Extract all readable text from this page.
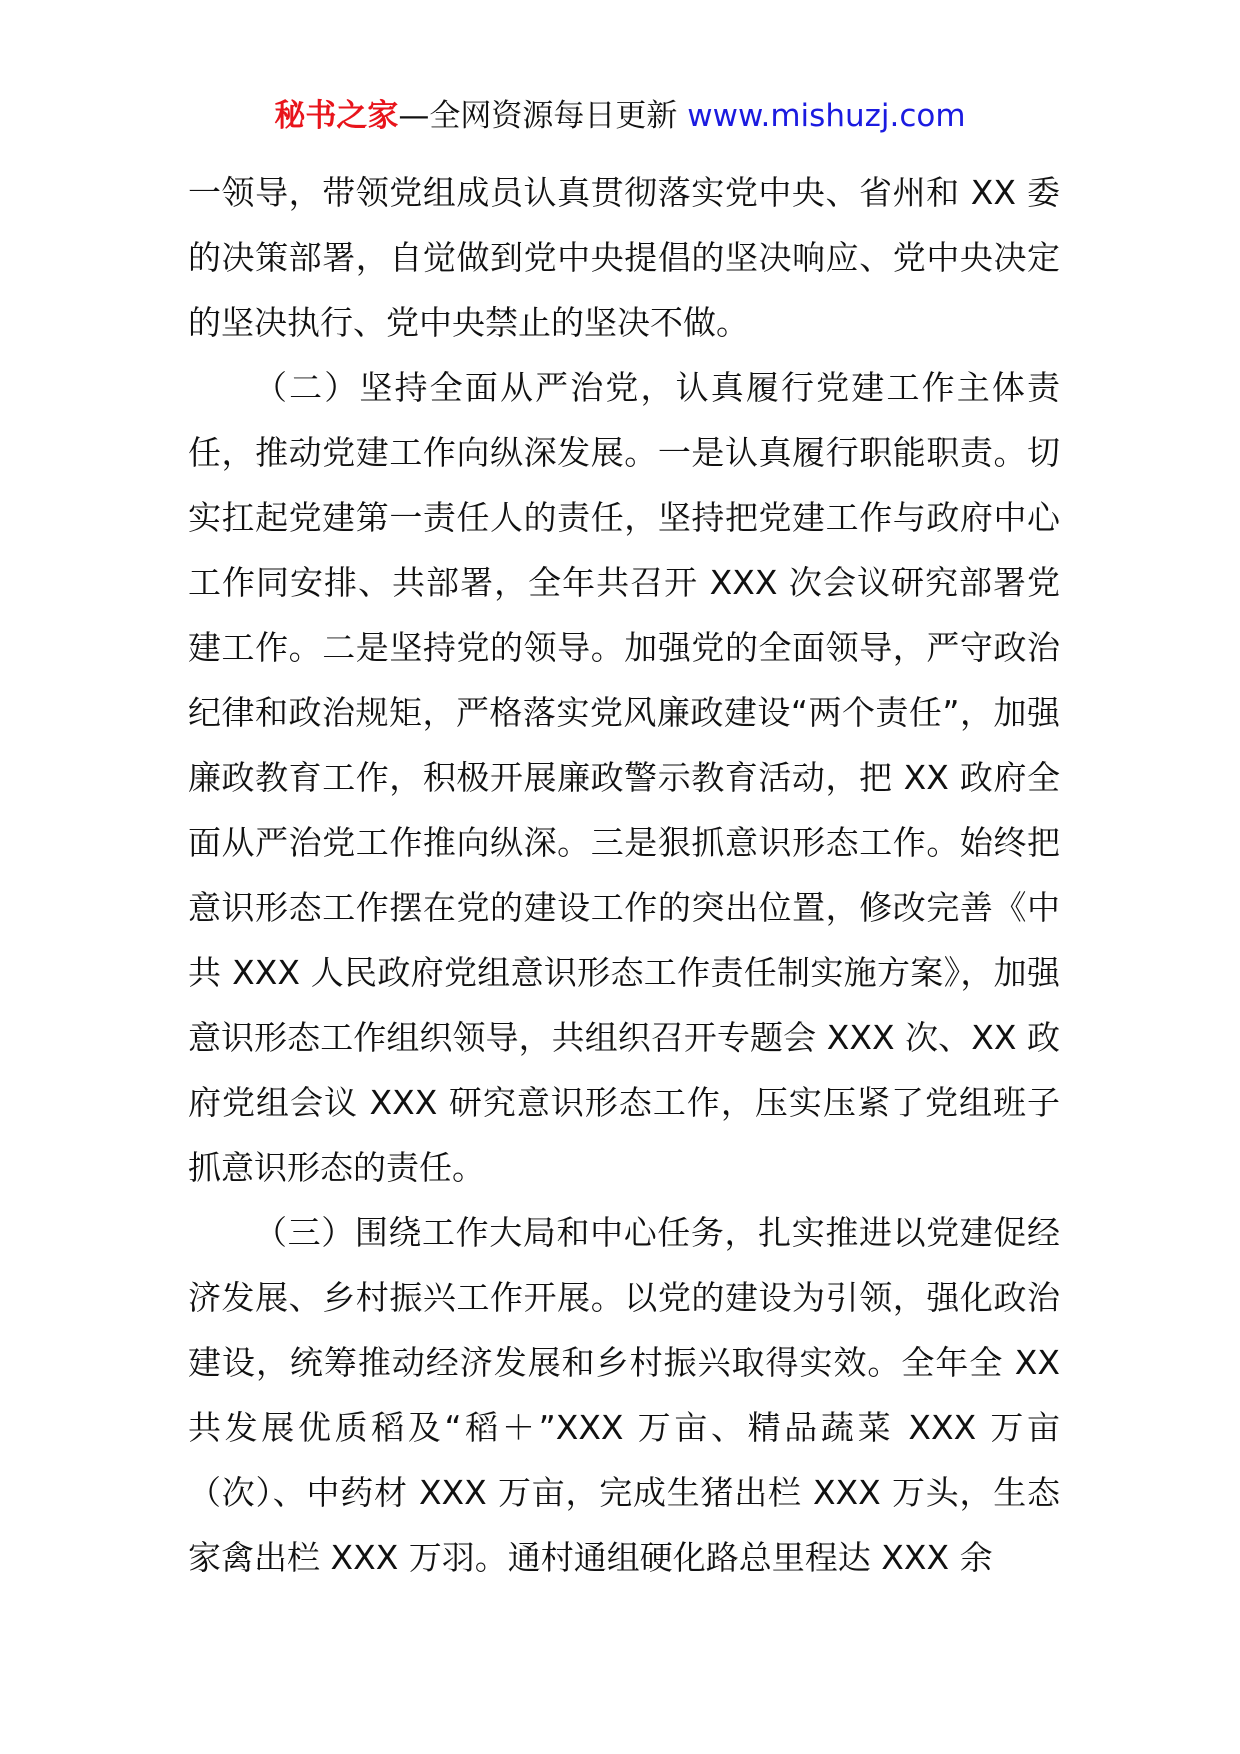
秘书之家—全网资源每日更新 www.mishuzj.com

一领导，带领党组成员认真贯彻落实党中央、省州和 XX 委的决策部署，自觉做到党中央提倡的坚决响应、党中央决定的坚决执行、党中央禁止的坚决不做。

（二）坚持全面从严治党，认真履行党建工作主体责任，推动党建工作向纵深发展。一是认真履行职能职责。切实扛起党建第一责任人的责任，坚持把党建工作与政府中心工作同安排、共部署，全年共召开 XXX 次会议研究部署党建工作。二是坚持党的领导。加强党的全面领导，严守政治纪律和政治规矩，严格落实党风廉政建设“两个责任”，加强廉政教育工作，积极开展廉政警示教育活动，把 XX 政府全面从严治党工作推向纵深。三是狠抓意识形态工作。始终把意识形态工作摆在党的建设工作的突出位置，修改完善《中共 XXX 人民政府党组意识形态工作责任制实施方案》，加强意识形态工作组织领导，共组织召开专题会 XXX 次、XX 政府党组会议 XXX 研究意识形态工作，压实压紧了党组班子抓意识形态的责任。

（三）围绕工作大局和中心任务，扎实推进以党建促经济发展、乡村振兴工作开展。以党的建设为引领，强化政治建设，统筹推动经济发展和乡村振兴取得实效。全年全 XX 共发展优质稻及“稻＋”XXX 万亩、精品蔬菜 XXX 万亩（次）、中药材 XXX 万亩，完成生猪出栏 XXX 万头，生态家禽出栏 XXX 万羽。通村通组硬化路总里程达 XXX 余
